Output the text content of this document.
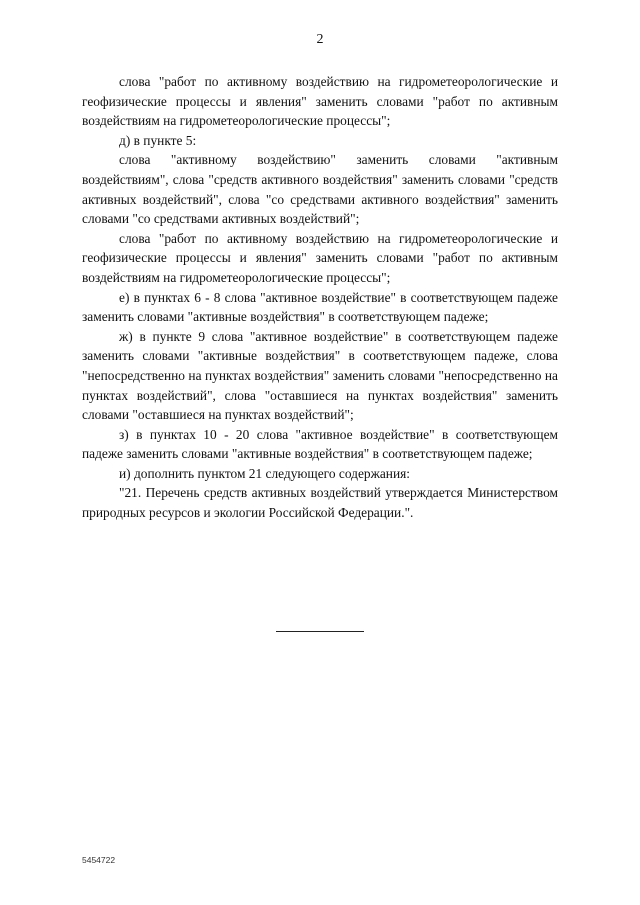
2

слова "работ по активному воздействию на гидрометеорологические и геофизические процессы и явления" заменить словами "работ по активным воздействиям на гидрометеорологические процессы";

д) в пункте 5:

слова "активному воздействию" заменить словами "активным воздействиям", слова "средств активного воздействия" заменить словами "средств активных воздействий", слова "со средствами активного воздействия" заменить словами "со средствами активных воздействий";

слова "работ по активному воздействию на гидрометеорологические и геофизические процессы и явления" заменить словами "работ по активным воздействиям на гидрометеорологические процессы";

е) в пунктах 6 - 8 слова "активное воздействие" в соответствующем падеже заменить словами "активные воздействия" в соответствующем падеже;

ж) в пункте 9 слова "активное воздействие" в соответствующем падеже заменить словами "активные воздействия" в соответствующем падеже, слова "непосредственно на пунктах воздействия" заменить словами "непосредственно на пунктах воздействий", слова "оставшиеся на пунктах воздействия" заменить словами "оставшиеся на пунктах воздействий";

з) в пунктах 10 - 20 слова "активное воздействие" в соответствующем падеже заменить словами "активные воздействия" в соответствующем падеже;

и) дополнить пунктом 21 следующего содержания:

"21. Перечень средств активных воздействий утверждается Министерством природных ресурсов и экологии Российской Федерации.".

5454722
